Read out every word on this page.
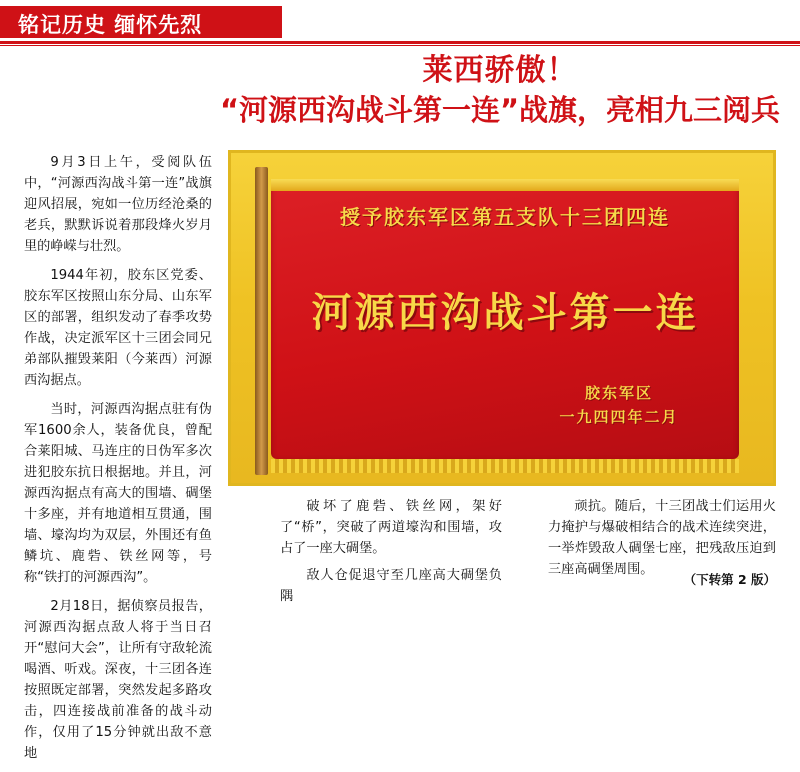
铭记历史 缅怀先烈
莱西骄傲！
“河源西沟战斗第一连”战旗，亮相九三阅兵

9月3日上午，受阅队伍中，“河源西沟战斗第一连”战旗迎风招展，宛如一位历经沧桑的老兵，默默诉说着那段烽火岁月里的峥嵘与壮烈。

1944年初，胶东区党委、胶东军区按照山东分局、山东军区的部署，组织发动了春季攻势作战，决定派军区十三团会同兄弟部队摧毁莱阳（今莱西）河源西沟据点。

当时，河源西沟据点驻有伪军1600余人，装备优良，曾配合莱阳城、马连庄的日伪军多次进犯胶东抗日根据地。并且，河源西沟据点有高大的围墙、碉堡十多座，并有地道相互贯通，围墙、壕沟均为双层，外围还有鱼鳞坑、鹿砦、铁丝网等，号称“铁打的河源西沟”。

2月18日，据侦察员报告，河源西沟据点敌人将于当日召开“慰问大会”，让所有守敌轮流喝酒、听戏。深夜，十三团各连按照既定部署，突然发起多路攻击，四连接战前准备的战斗动作，仅用了15分钟就出敌不意地

授予胶东军区第五支队十三团四连
河源西沟战斗第一连
胶东军区
一九四四年二月

破坏了鹿砦、铁丝网，架好了“桥”，突破了两道壕沟和围墙，攻占了一座大碉堡。

敌人仓促退守至几座高大碉堡负隅

顽抗。随后，十三团战士们运用火力掩护与爆破相结合的战术连续突进，一举炸毁敌人碉堡七座，把残敌压迫到三座高碉堡周围。

（下转第 2 版）
